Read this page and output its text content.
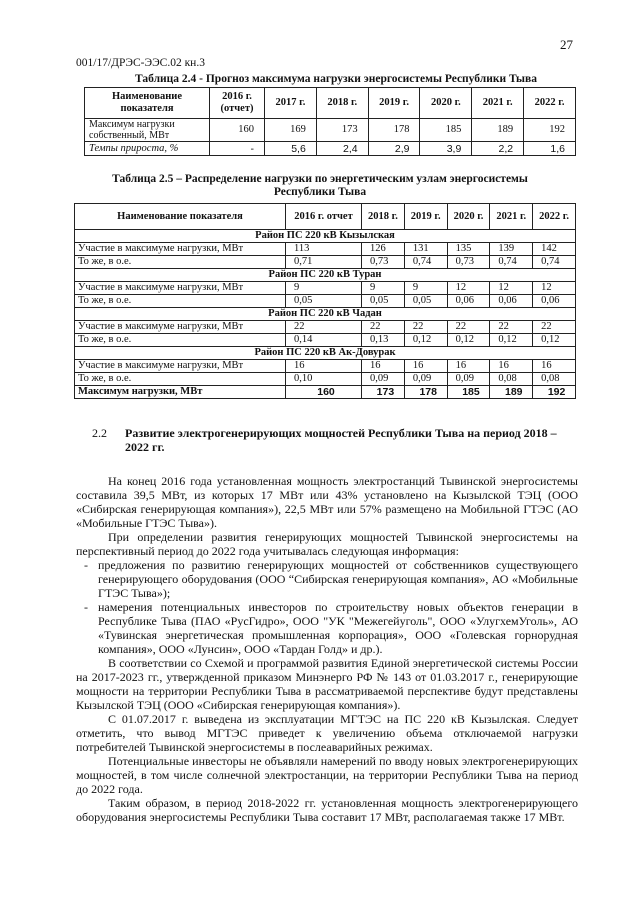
27
001/17/ДРЭС-ЭЭС.02 кн.3
Таблица 2.4 - Прогноз максимума нагрузки энергосистемы Республики Тыва
Наименование показателя	2016 г. (отчет)	2017 г.	2018 г.	2019 г.	2020 г.	2021 г.	2022 г.
Максимум нагрузки собственный, МВт	160	169	173	178	185	189	192
Темпы прироста, %	-	5,6	2,4	2,9	3,9	2,2	1,6
Таблица 2.5 – Распределение нагрузки по энергетическим узлам энергосистемы Республики Тыва
Наименование показателя	2016 г. отчет	2018 г.	2019 г.	2020 г.	2021 г.	2022 г.
Район ПС 220 кВ Кызылская						
Участие в максимуме нагрузки, МВт	113	126	131	135	139	142
То же, в о.е.	0,71	0,73	0,74	0,73	0,74	0,74
Район ПС 220 кВ Туран						
Участие в максимуме нагрузки, МВт	9	9	9	12	12	12
То же, в о.е.	0,05	0,05	0,05	0,06	0,06	0,06
Район ПС 220 кВ Чадан						
Участие в максимуме нагрузки, МВт	22	22	22	22	22	22
То же, в о.е.	0,14	0,13	0,12	0,12	0,12	0,12
Район ПС 220 кВ Ак-Довурак						
Участие в максимуме нагрузки, МВт	16	16	16	16	16	16
То же, в о.е.	0,10	0,09	0,09	0,09	0,08	0,08
Максимум нагрузки, МВт	160	173	178	185	189	192
2.2 Развитие электрогенерирующих мощностей Республики Тыва на период 2018 – 2022 гг.

На конец 2016 года установленная мощность электростанций Тывинской энергосистемы составила 39,5 МВт, из которых 17 МВт или 43% установлено на Кызылской ТЭЦ (ООО «Сибирская генерирующая компания»), 22,5 МВт или 57% размещено на Мобильной ГТЭС (АО «Мобильные ГТЭС Тыва»).

При определении развития генерирующих мощностей Тывинской энергосистемы на перспективный период до 2022 года учитывалась следующая информация:

- предложения по развитию генерирующих мощностей от собственников существующего генерирующего оборудования (ООО “Сибирская генерирующая компания», АО «Мобильные ГТЭС Тыва»);
- намерения потенциальных инвесторов по строительству новых объектов генерации в Республике Тыва (ПАО «РусГидро», ООО "УК "Межегейуголь", ООО «УлугхемУголь», АО «Тувинская энергетическая промышленная корпорация», ООО «Голевская горнорудная компания», ООО «Лунсин», ООО «Тардан Голд» и др.).

В соответствии со Схемой и программой развития Единой энергетической системы России на 2017-2023 гг., утвержденной приказом Минэнерго РФ № 143 от 01.03.2017 г., генерирующие мощности на территории Республики Тыва в рассматриваемой перспективе будут представлены Кызылской ТЭЦ (ООО «Сибирская генерирующая компания»).

С 01.07.2017 г. выведена из эксплуатации МГТЭС на ПС 220 кВ Кызылская. Следует отметить, что вывод МГТЭС приведет к увеличению объема отключаемой нагрузки потребителей Тывинской энергосистемы в послеаварийных режимах.

Потенциальные инвесторы не объявляли намерений по вводу новых электрогенерирующих мощностей, в том числе солнечной электростанции, на территории Республики Тыва на период до 2022 года.

Таким образом, в период 2018-2022 гг. установленная мощность электрогенерирующего оборудования энергосистемы Республики Тыва составит 17 МВт, располагаемая также 17 МВт.
